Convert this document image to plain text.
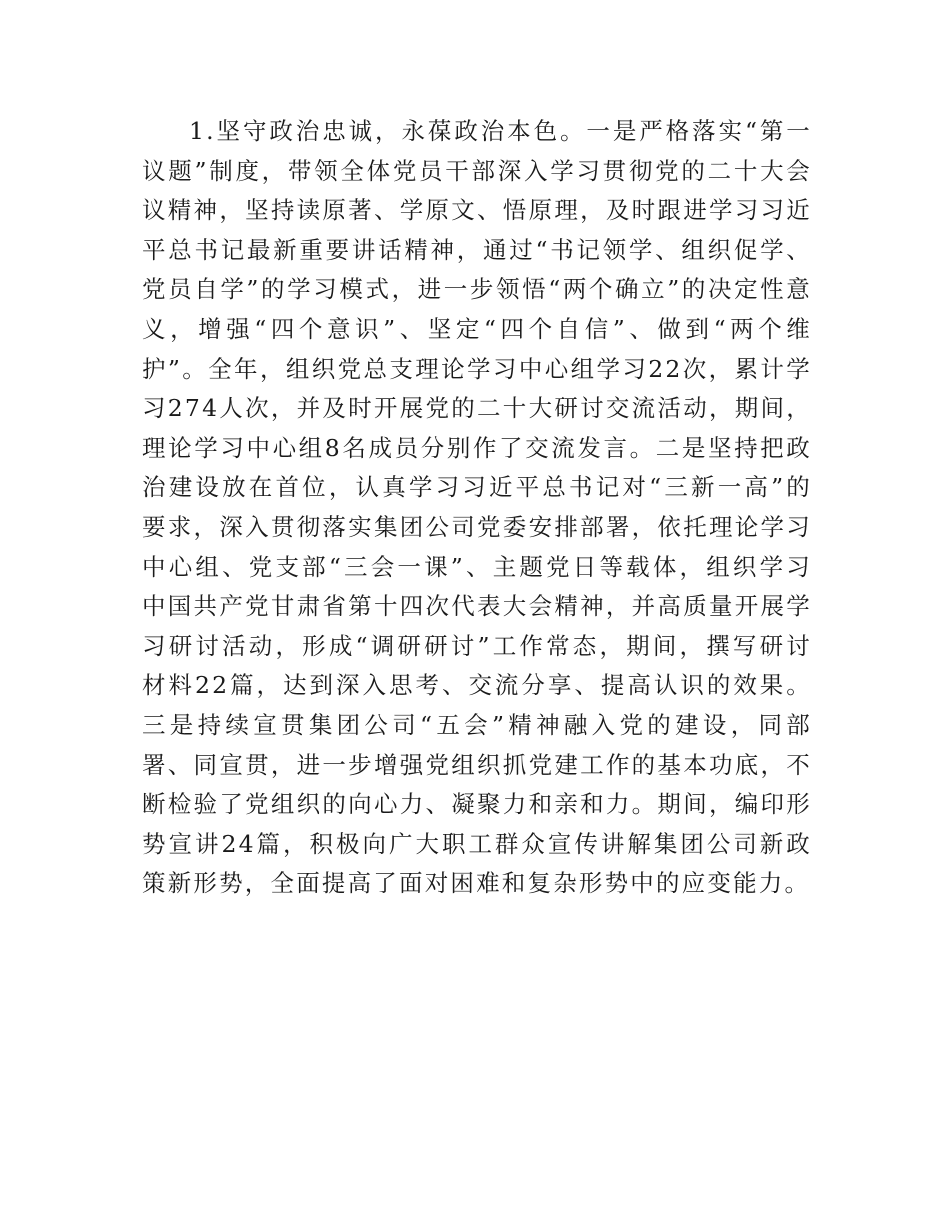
1.坚守政治忠诚，永葆政治本色。一是严格落实“第一议题”制度，带领全体党员干部深入学习贯彻党的二十大会议精神，坚持读原著、学原文、悟原理，及时跟进学习习近平总书记最新重要讲话精神，通过“书记领学、组织促学、党员自学”的学习模式，进一步领悟“两个确立”的决定性意义，增强“四个意识”、坚定“四个自信”、做到“两个维护”。全年，组织党总支理论学习中心组学习22次，累计学习274人次，并及时开展党的二十大研讨交流活动，期间，理论学习中心组8名成员分别作了交流发言。二是坚持把政治建设放在首位，认真学习习近平总书记对“三新一高”的要求，深入贯彻落实集团公司党委安排部署，依托理论学习中心组、党支部“三会一课”、主题党日等载体，组织学习中国共产党甘肃省第十四次代表大会精神，并高质量开展学习研讨活动，形成“调研研讨”工作常态，期间，撰写研讨材料22篇，达到深入思考、交流分享、提高认识的效果。三是持续宣贯集团公司“五会”精神融入党的建设，同部署、同宣贯，进一步增强党组织抓党建工作的基本功底，不断检验了党组织的向心力、凝聚力和亲和力。期间，编印形势宣讲24篇，积极向广大职工群众宣传讲解集团公司新政策新形势，全面提高了面对困难和复杂形势中的应变能力。
